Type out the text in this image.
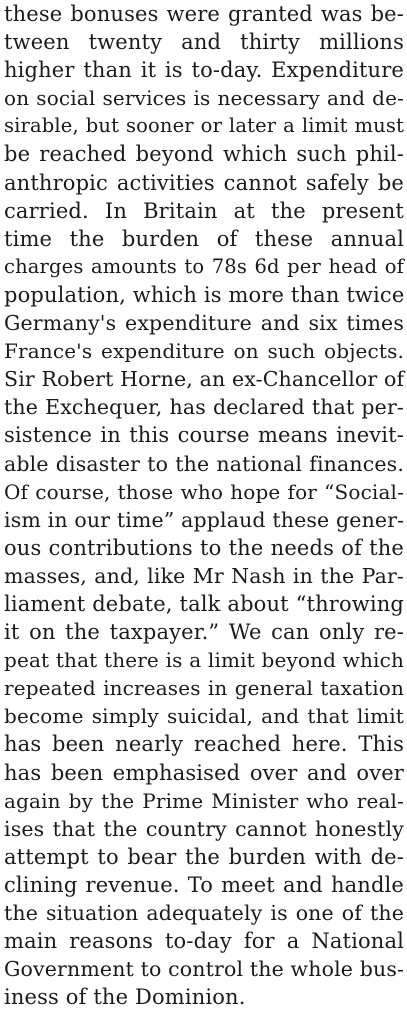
these bonuses were granted was be-
tween twenty and thirty millions
higher than it is to-day. Expenditure
on social services is necessary and de-
sirable, but sooner or later a limit must
be reached beyond which such phil-
anthropic activities cannot safely be
carried. In Britain at the present
time the burden of these annual
charges amounts to 78s 6d per head of
population, which is more than twice
Germany's expenditure and six times
France's expenditure on such objects.
Sir Robert Horne, an ex-Chancellor of
the Exchequer, has declared that per-
sistence in this course means inevit-
able disaster to the national finances.
Of course, those who hope for “Social-
ism in our time” applaud these gener-
ous contributions to the needs of the
masses, and, like Mr Nash in the Par-
liament debate, talk about “throwing
it on the taxpayer.” We can only re-
peat that there is a limit beyond which
repeated increases in general taxation
become simply suicidal, and that limit
has been nearly reached here. This
has been emphasised over and over
again by the Prime Minister who real-
ises that the country cannot honestly
attempt to bear the burden with de-
clining revenue. To meet and handle
the situation adequately is one of the
main reasons to-day for a National
Government to control the whole bus-
iness of the Dominion.
